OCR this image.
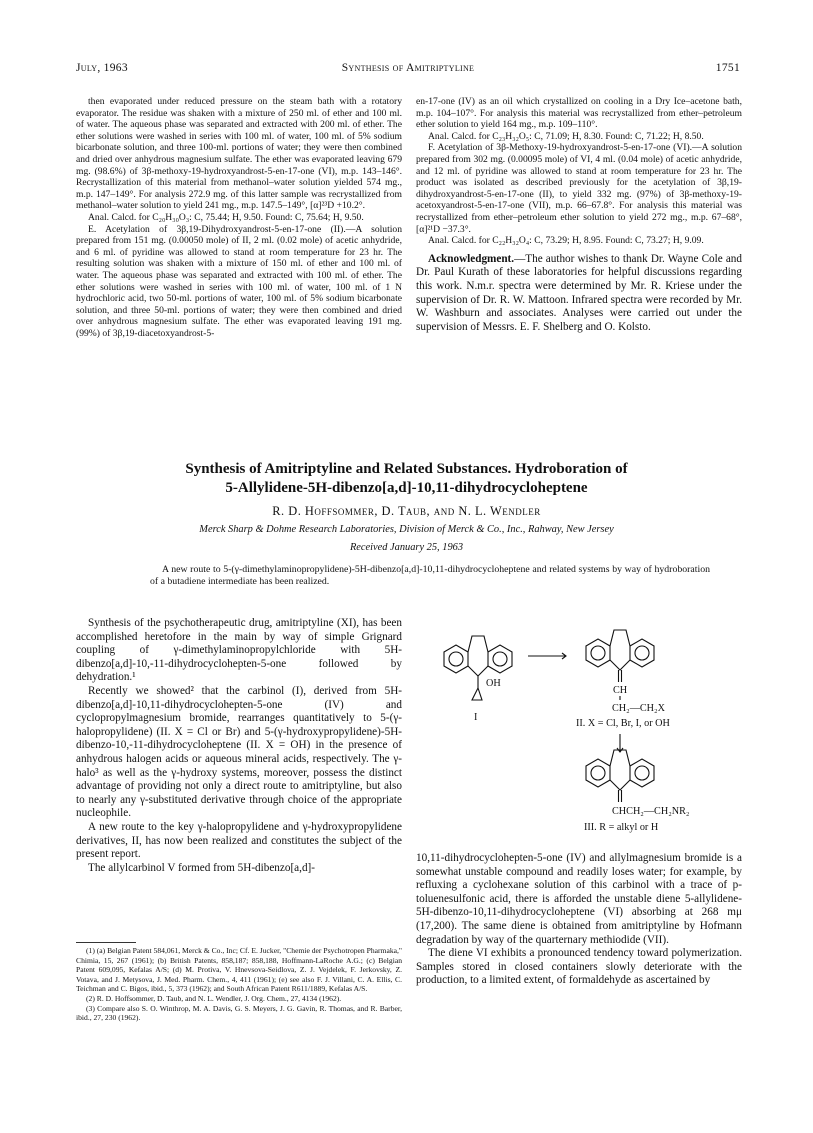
July, 1963	Synthesis of Amitriptyline	1751

then evaporated under reduced pressure on the steam bath with a rotatory evaporator. The residue was shaken with a mixture of 250 ml. of ether and 100 ml. of water. The aqueous phase was separated and extracted with 200 ml. of ether. The ether solutions were washed in series with 100 ml. of water, 100 ml. of 5% sodium bicarbonate solution, and three 100-ml. portions of water; they were then combined and dried over anhydrous magnesium sulfate. The ether was evaporated leaving 679 mg. (98.6%) of 3β-methoxy-19-hydroxyandrost-5-en-17-one (VI), m.p. 143–146°. Recrystallization of this material from methanol–water solution yielded 574 mg., m.p. 147–149°. For analysis 272.9 mg. of this latter sample was recrystallized from methanol–water solution to yield 241 mg., m.p. 147.5–149°, [α]²³D +10.2°.

Anal. Calcd. for C₂₀H₃₀O₃: C, 75.44; H, 9.50. Found: C, 75.64; H, 9.50.

E. Acetylation of 3β,19-Dihydroxyandrost-5-en-17-one (II).—A solution prepared from 151 mg. (0.00050 mole) of II, 2 ml. (0.02 mole) of acetic anhydride, and 6 ml. of pyridine was allowed to stand at room temperature for 23 hr. The resulting solution was shaken with a mixture of 150 ml. of ether and 100 ml. of water. The aqueous phase was separated and extracted with 100 ml. of ether. The ether solutions were washed in series with 100 ml. of water, 100 ml. of 1 N hydrochloric acid, two 50-ml. portions of water, 100 ml. of 5% sodium bicarbonate solution, and three 50-ml. portions of water; they were then combined and dried over anhydrous magnesium sulfate. The ether was evaporated leaving 191 mg. (99%) of 3β,19-diacetoxyandrost-5-

en-17-one (IV) as an oil which crystallized on cooling in a Dry Ice–acetone bath, m.p. 104–107°. For analysis this material was recrystallized from ether–petroleum ether solution to yield 164 mg., m.p. 109–110°.

Anal. Calcd. for C₂₃H₃₂O₅: C, 71.09; H, 8.30. Found: C, 71.22; H, 8.50.

F. Acetylation of 3β-Methoxy-19-hydroxyandrost-5-en-17-one (VI).—A solution prepared from 302 mg. (0.00095 mole) of VI, 4 ml. (0.04 mole) of acetic anhydride, and 12 ml. of pyridine was allowed to stand at room temperature for 23 hr. The product was isolated as described previously for the acetylation of 3β,19-dihydroxyandrost-5-en-17-one (II), to yield 332 mg. (97%) of 3β-methoxy-19-acetoxyandrost-5-en-17-one (VII), m.p. 66–67.8°. For analysis this material was recrystallized from ether–petroleum ether solution to yield 272 mg., m.p. 67–68°, [α]²¹D −37.3°.

Anal. Calcd. for C₂₂H₃₂O₄: C, 73.29; H, 8.95. Found: C, 73.27; H, 9.09.

Acknowledgment.—The author wishes to thank Dr. Wayne Cole and Dr. Paul Kurath of these laboratories for helpful discussions regarding this work. N.m.r. spectra were determined by Mr. R. Kriese under the supervision of Dr. R. W. Mattoon. Infrared spectra were recorded by Mr. W. Washburn and associates. Analyses were carried out under the supervision of Messrs. E. F. Shelberg and O. Kolsto.

Synthesis of Amitriptyline and Related Substances. Hydroboration of
5-Allylidene-5H-dibenzo[a,d]-10,11-dihydrocycloheptene
R. D. Hoffsommer, D. Taub, and N. L. Wendler
Merck Sharp & Dohme Research Laboratories, Division of Merck & Co., Inc., Rahway, New Jersey
Received January 25, 1963
A new route to 5-(γ-dimethylaminopropylidene)-5H-dibenzo[a,d]-10,11-dihydrocycloheptene and related systems by way of hydroboration of a butadiene intermediate has been realized.

Synthesis of the psychotherapeutic drug, amitriptyline (XI), has been accomplished heretofore in the main by way of simple Grignard coupling of γ-dimethylaminopropylchloride with 5H-dibenzo[a,d]-10,-11-dihydrocyclohepten-5-one followed by dehydration.¹

Recently we showed² that the carbinol (I), derived from 5H-dibenzo[a,d]-10,11-dihydrocyclohepten-5-one (IV) and cyclopropylmagnesium bromide, rearranges quantitatively to 5-(γ-halopropylidene) (II. X = Cl or Br) and 5-(γ-hydroxypropylidene)-5H-dibenzo-10,-11-dihydrocycloheptene (II. X = OH) in the presence of anhydrous halogen acids or aqueous mineral acids, respectively. The γ-halo³ as well as the γ-hydroxy systems, moreover, possess the distinct advantage of providing not only a direct route to amitriptyline, but also to nearly any γ-substituted derivative through choice of the appropriate nucleophile.

A new route to the key γ-halopropylidene and γ-hydroxypropylidene derivatives, II, has now been realized and constitutes the subject of the present report.

The allylcarbinol V formed from 5H-dibenzo[a,d]-

(1) (a) Belgian Patent 584,061, Merck & Co., Inc; Cf. E. Jucker, "Chemie der Psychotropen Pharmaka," Chimia, 15, 267 (1961); (b) British Patents, 858,187; 858,188, Hoffmann-LaRoche A.G.; (c) Belgian Patent 609,095, Kefalas A/S; (d) M. Protiva, V. Hnevsova-Seidlova, Z. J. Vejdelek, F. Jerkovsky, Z. Votava, and J. Metysova, J. Med. Pharm. Chem., 4, 411 (1961); (e) see also F. J. Villani, C. A. Ellis, C. Teichman and C. Bigos, ibid., 5, 373 (1962); and South African Patent R611/1889, Kefalas A/S.

(2) R. D. Hoffsommer, D. Taub, and N. L. Wendler, J. Org. Chem., 27, 4134 (1962).

(3) Compare also S. O. Winthrop, M. A. Davis, G. S. Meyers, J. G. Gavin, R. Thomas, and R. Barber, ibid., 27, 230 (1962).

OH
I
CH
CH₂—CH₂X
II. X = Cl, Br, I, or OH
CHCH₂—CH₂NR₂
III. R = alkyl or H

10,11-dihydrocyclohepten-5-one (IV) and allylmagnesium bromide is a somewhat unstable compound and readily loses water; for example, by refluxing a cyclohexane solution of this carbinol with a trace of p-toluenesulfonic acid, there is afforded the unstable diene 5-allylidene-5H-dibenzo-10,11-dihydrocycloheptene (VI) absorbing at 268 mμ (17,200). The same diene is obtained from amitriptyline by Hofmann degradation by way of the quarternary methiodide (VII).

The diene VI exhibits a pronounced tendency toward polymerization. Samples stored in closed containers slowly deteriorate with the production, to a limited extent, of formaldehyde as ascertained by
